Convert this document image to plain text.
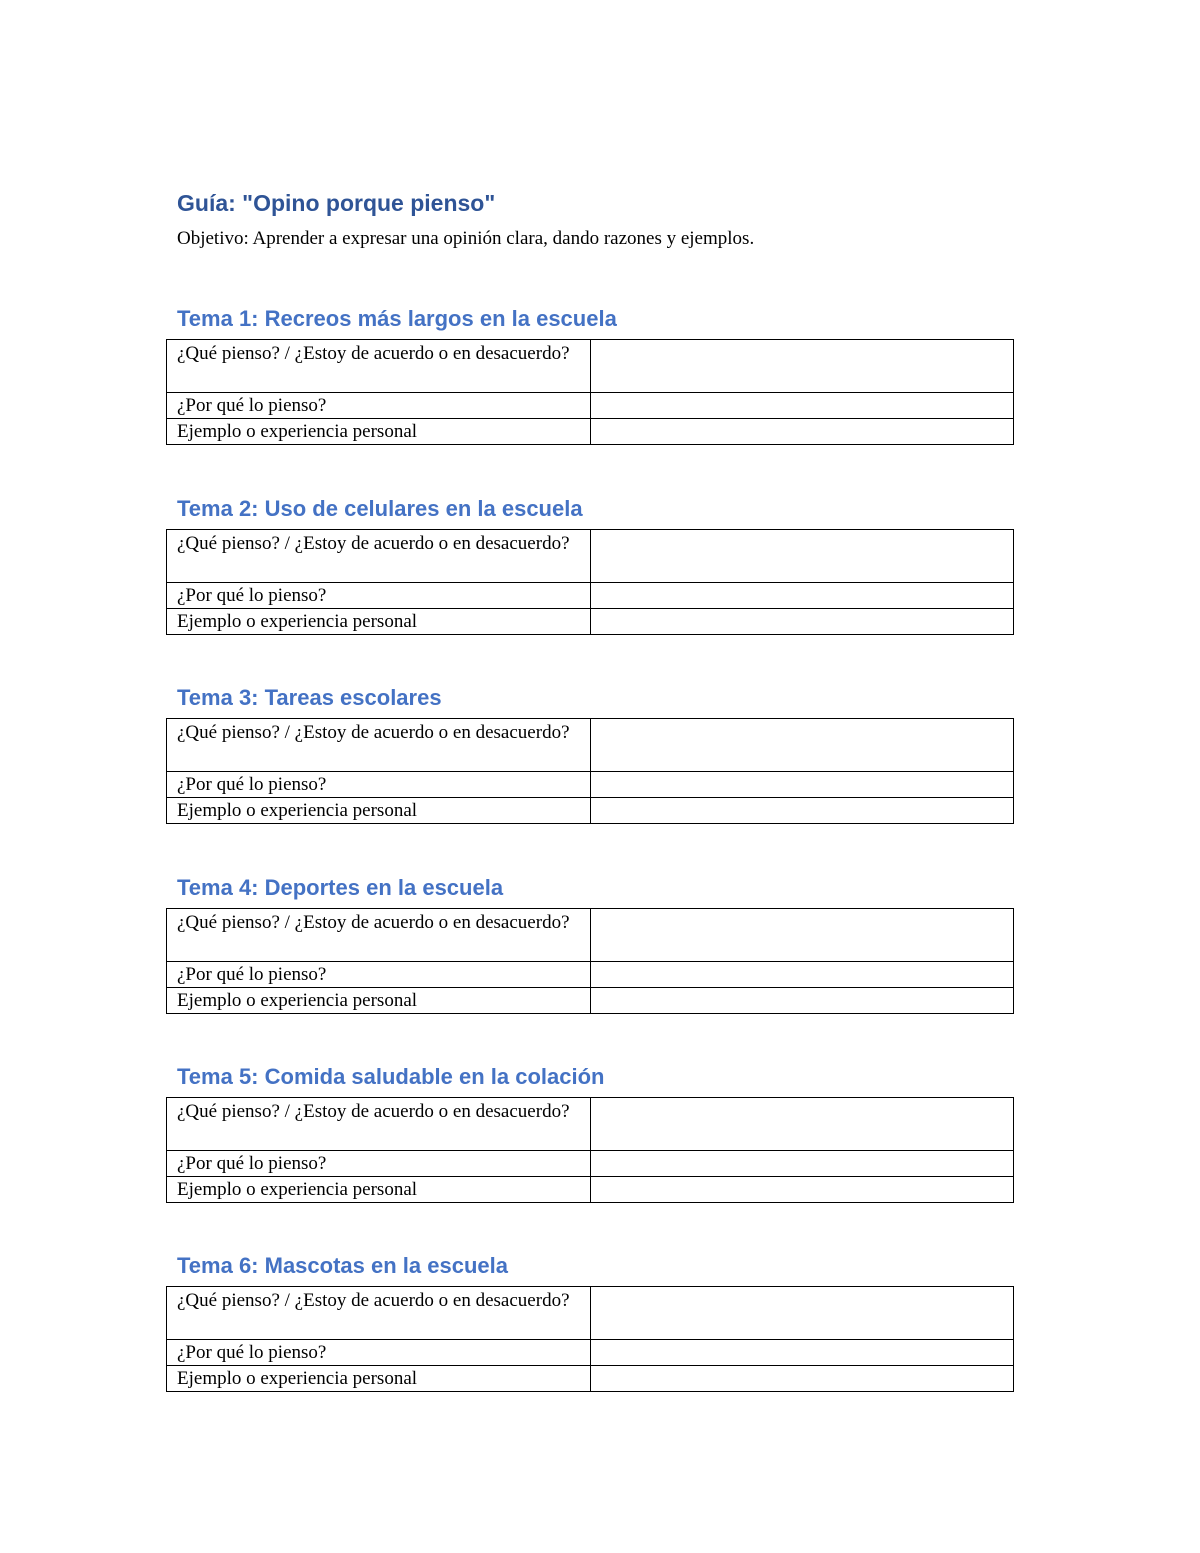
Guía: "Opino porque pienso"
Objetivo: Aprender a expresar una opinión clara, dando razones y ejemplos.
Tema 1: Recreos más largos en la escuela
¿Qué pienso? / ¿Estoy de acuerdo o en desacuerdo?	
¿Por qué lo pienso?	
Ejemplo o experiencia personal	
Tema 2: Uso de celulares en la escuela
¿Qué pienso? / ¿Estoy de acuerdo o en desacuerdo?	
¿Por qué lo pienso?	
Ejemplo o experiencia personal	
Tema 3: Tareas escolares
¿Qué pienso? / ¿Estoy de acuerdo o en desacuerdo?	
¿Por qué lo pienso?	
Ejemplo o experiencia personal	
Tema 4: Deportes en la escuela
¿Qué pienso? / ¿Estoy de acuerdo o en desacuerdo?	
¿Por qué lo pienso?	
Ejemplo o experiencia personal	
Tema 5: Comida saludable en la colación
¿Qué pienso? / ¿Estoy de acuerdo o en desacuerdo?	
¿Por qué lo pienso?	
Ejemplo o experiencia personal	
Tema 6: Mascotas en la escuela
¿Qué pienso? / ¿Estoy de acuerdo o en desacuerdo?	
¿Por qué lo pienso?	
Ejemplo o experiencia personal	
